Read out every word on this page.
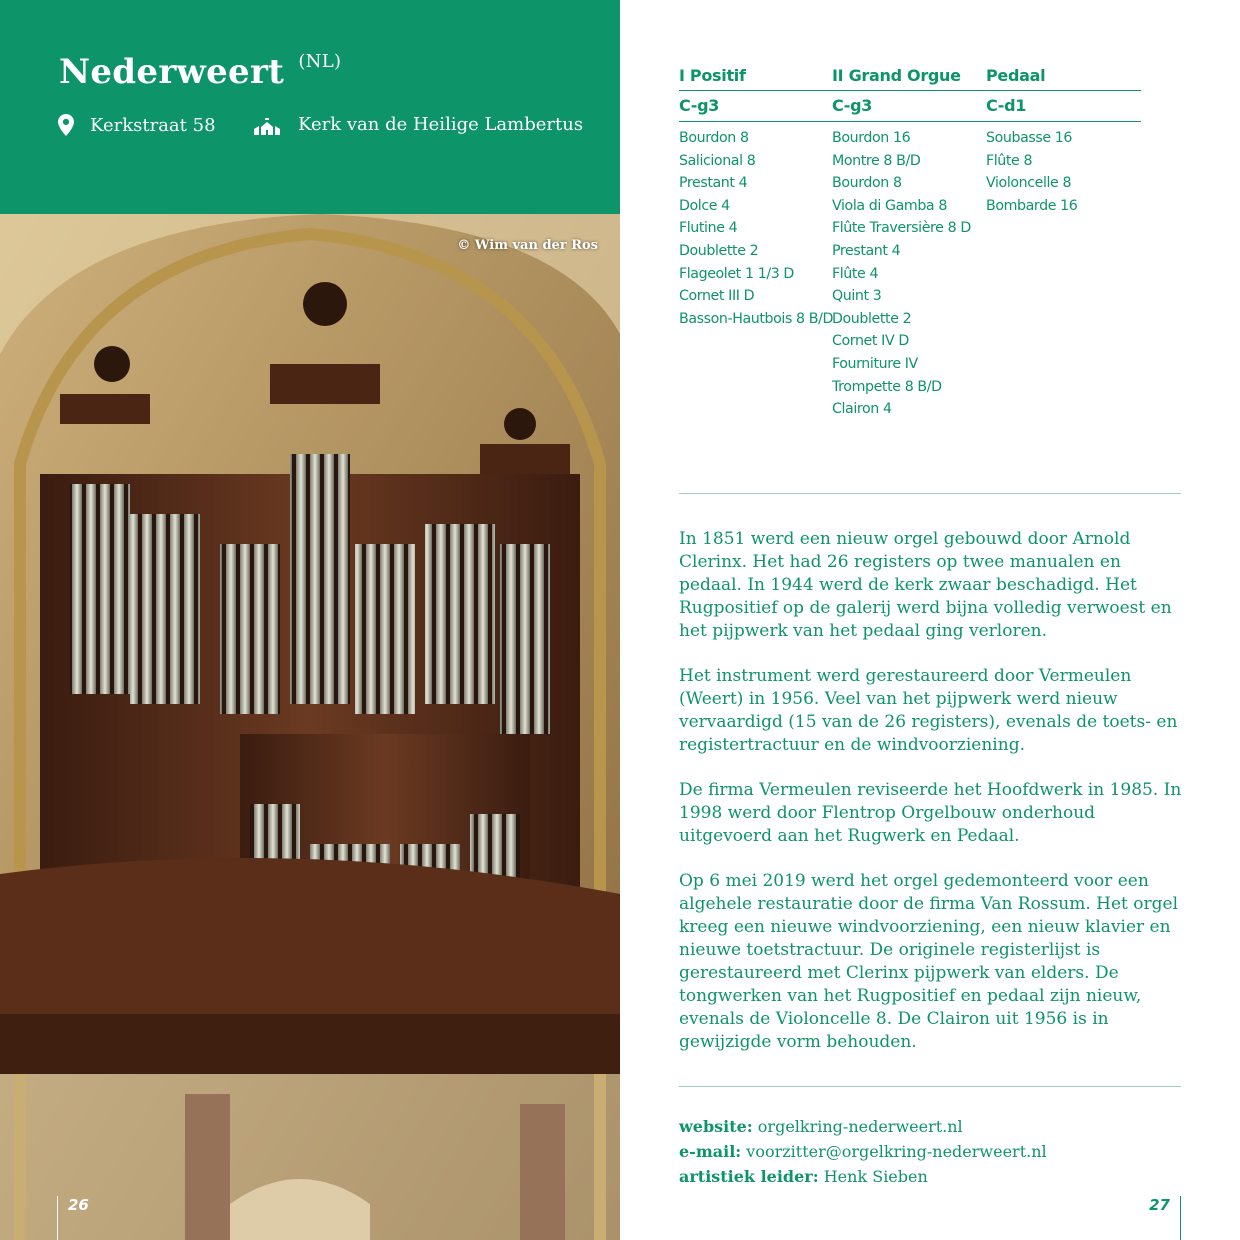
Nederweert $^{(NL)}$
Kerkstraat 58	Kerk van de Heilige Lambertus
© Wim van der Ros
26
I Positif
C-g3
Bourdon 8
Salicional 8
Prestant 4
Dolce 4
Flutine 4
Doublette 2
Flageolet 1 1/3 D
Cornet III D
Basson-Hautbois 8 B/D
II Grand Orgue
C-g3
Bourdon 16
Montre 8 B/D
Bourdon 8
Viola di Gamba 8
Flûte Traversière 8 D
Prestant 4
Flûte 4
Quint 3
Doublette 2
Cornet IV D
Fourniture IV
Trompette 8 B/D
Clairon 4
Pedaal
C-d1
Soubasse 16
Flûte 8
Violoncelle 8
Bombarde 16

In 1851 werd een nieuw orgel gebouwd door Arnold Clerinx. Het had 26 registers op twee manualen en pedaal. In 1944 werd de kerk zwaar beschadigd. Het Rugpositief op de galerij werd bijna volledig verwoest en het pijpwerk van het pedaal ging verloren.

Het instrument werd gerestaureerd door Vermeulen (Weert) in 1956. Veel van het pijpwerk werd nieuw vervaardigd (15 van de 26 registers), evenals de toets- en registertractuur en de windvoorziening.

De firma Vermeulen reviseerde het Hoofdwerk in 1985. In 1998 werd door Flentrop Orgelbouw onderhoud uitgevoerd aan het Rugwerk en Pedaal.

Op 6 mei 2019 werd het orgel gedemonteerd voor een algehele restauratie door de firma Van Rossum. Het orgel kreeg een nieuwe windvoorziening, een nieuw klavier en nieuwe toetstractuur. De originele registerlijst is gerestaureerd met Clerinx pijpwerk van elders. De tongwerken van het Rugpositief en pedaal zijn nieuw, evenals de Violoncelle 8. De Clairon uit 1956 is in gewijzigde vorm behouden.

website: orgelkring-nederweert.nl
e-mail: voorzitter@orgelkring-nederweert.nl
artistiek leider: Henk Sieben
27
